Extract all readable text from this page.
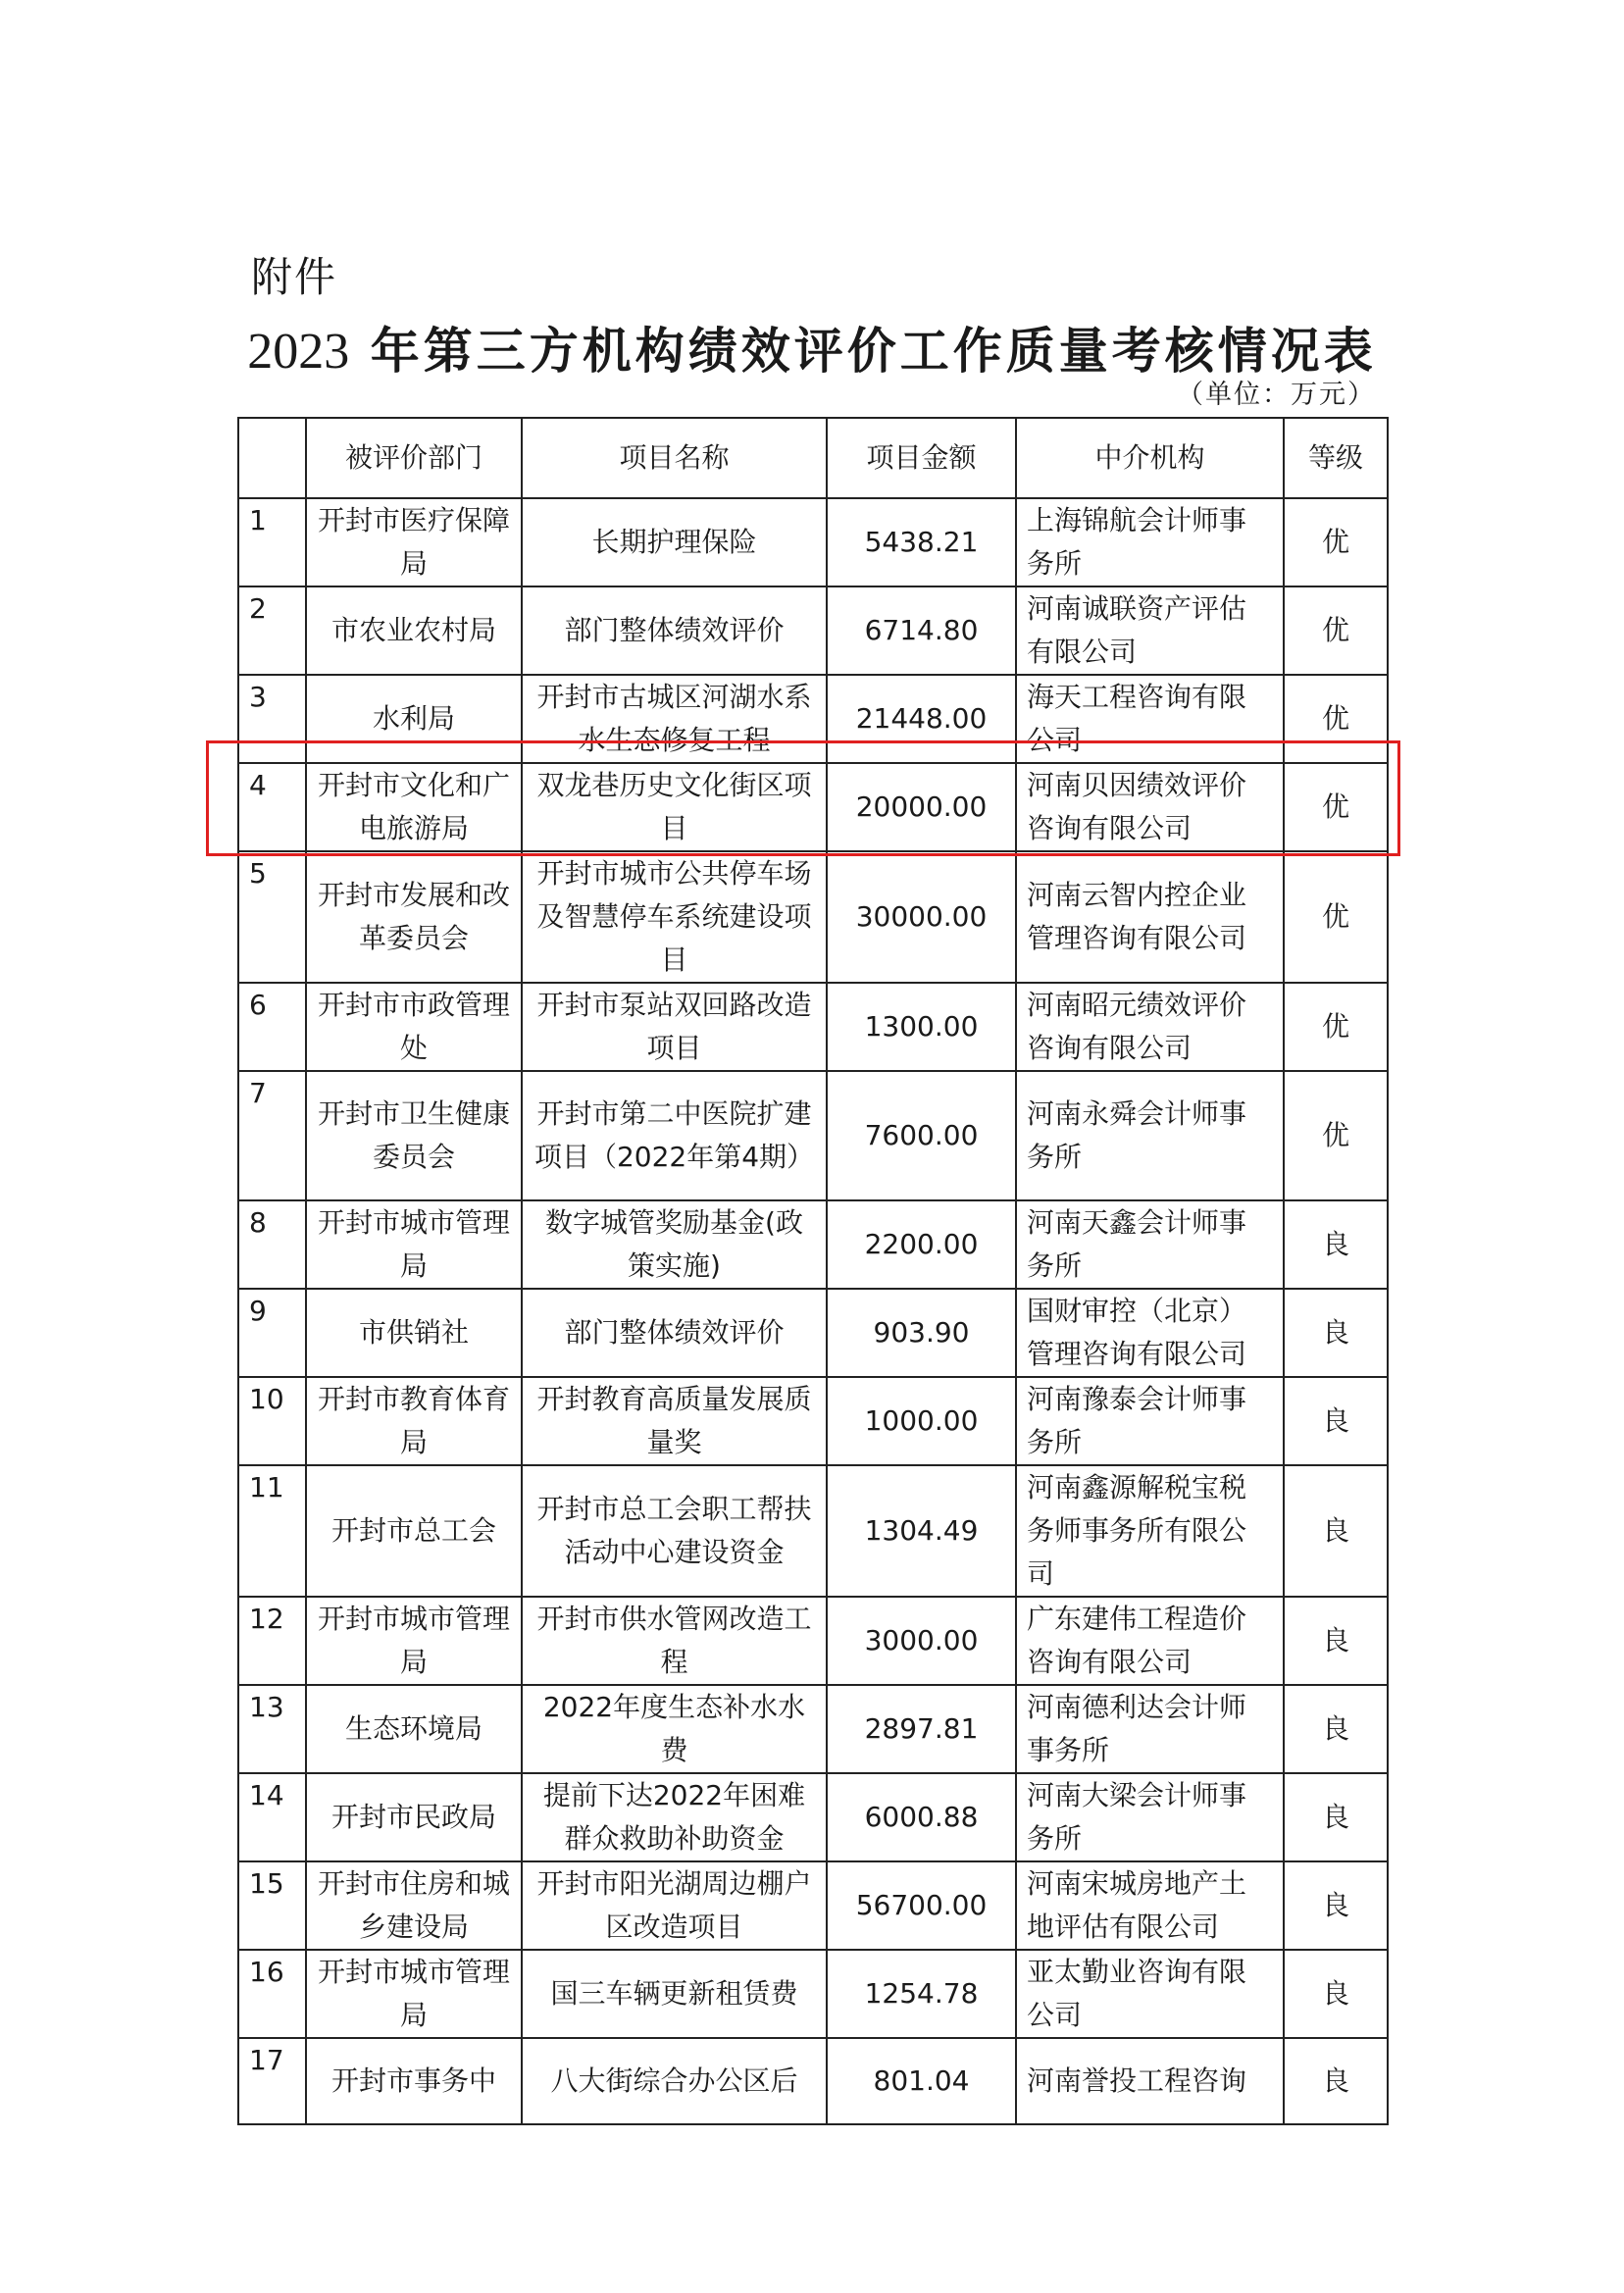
附件
2023 年第三方机构绩效评价工作质量考核情况表
（单位：万元）
	被评价部门	项目名称	项目金额	中介机构	等级
1	开封市医疗保障局	长期护理保险	5438.21	上海锦航会计师事务所	优
2	市农业农村局	部门整体绩效评价	6714.80	河南诚联资产评估有限公司	优
3	水利局	开封市古城区河湖水系水生态修复工程	21448.00	海天工程咨询有限公司	优
4	开封市文化和广电旅游局	双龙巷历史文化街区项目	20000.00	河南贝因绩效评价咨询有限公司	优
5	开封市发展和改革委员会	开封市城市公共停车场及智慧停车系统建设项目	30000.00	河南云智内控企业管理咨询有限公司	优
6	开封市市政管理处	开封市泵站双回路改造项目	1300.00	河南昭元绩效评价咨询有限公司	优
7	开封市卫生健康委员会	开封市第二中医院扩建项目（2022年第4期）	7600.00	河南永舜会计师事务所	优
8	开封市城市管理局	数字城管奖励基金(政策实施)	2200.00	河南天鑫会计师事务所	良
9	市供销社	部门整体绩效评价	903.90	国财审控（北京）管理咨询有限公司	良
10	开封市教育体育局	开封教育高质量发展质量奖	1000.00	河南豫泰会计师事务所	良
11	开封市总工会	开封市总工会职工帮扶活动中心建设资金	1304.49	河南鑫源解税宝税务师事务所有限公司	良
12	开封市城市管理局	开封市供水管网改造工程	3000.00	广东建伟工程造价咨询有限公司	良
13	生态环境局	2022年度生态补水水费	2897.81	河南德利达会计师事务所	良
14	开封市民政局	提前下达2022年困难群众救助补助资金	6000.88	河南大梁会计师事务所	良
15	开封市住房和城乡建设局	开封市阳光湖周边棚户区改造项目	56700.00	河南宋城房地产土地评估有限公司	良
16	开封市城市管理局	国三车辆更新租赁费	1254.78	亚太勤业咨询有限公司	良
17	开封市事务中	八大街综合办公区后	801.04	河南誉投工程咨询	良
